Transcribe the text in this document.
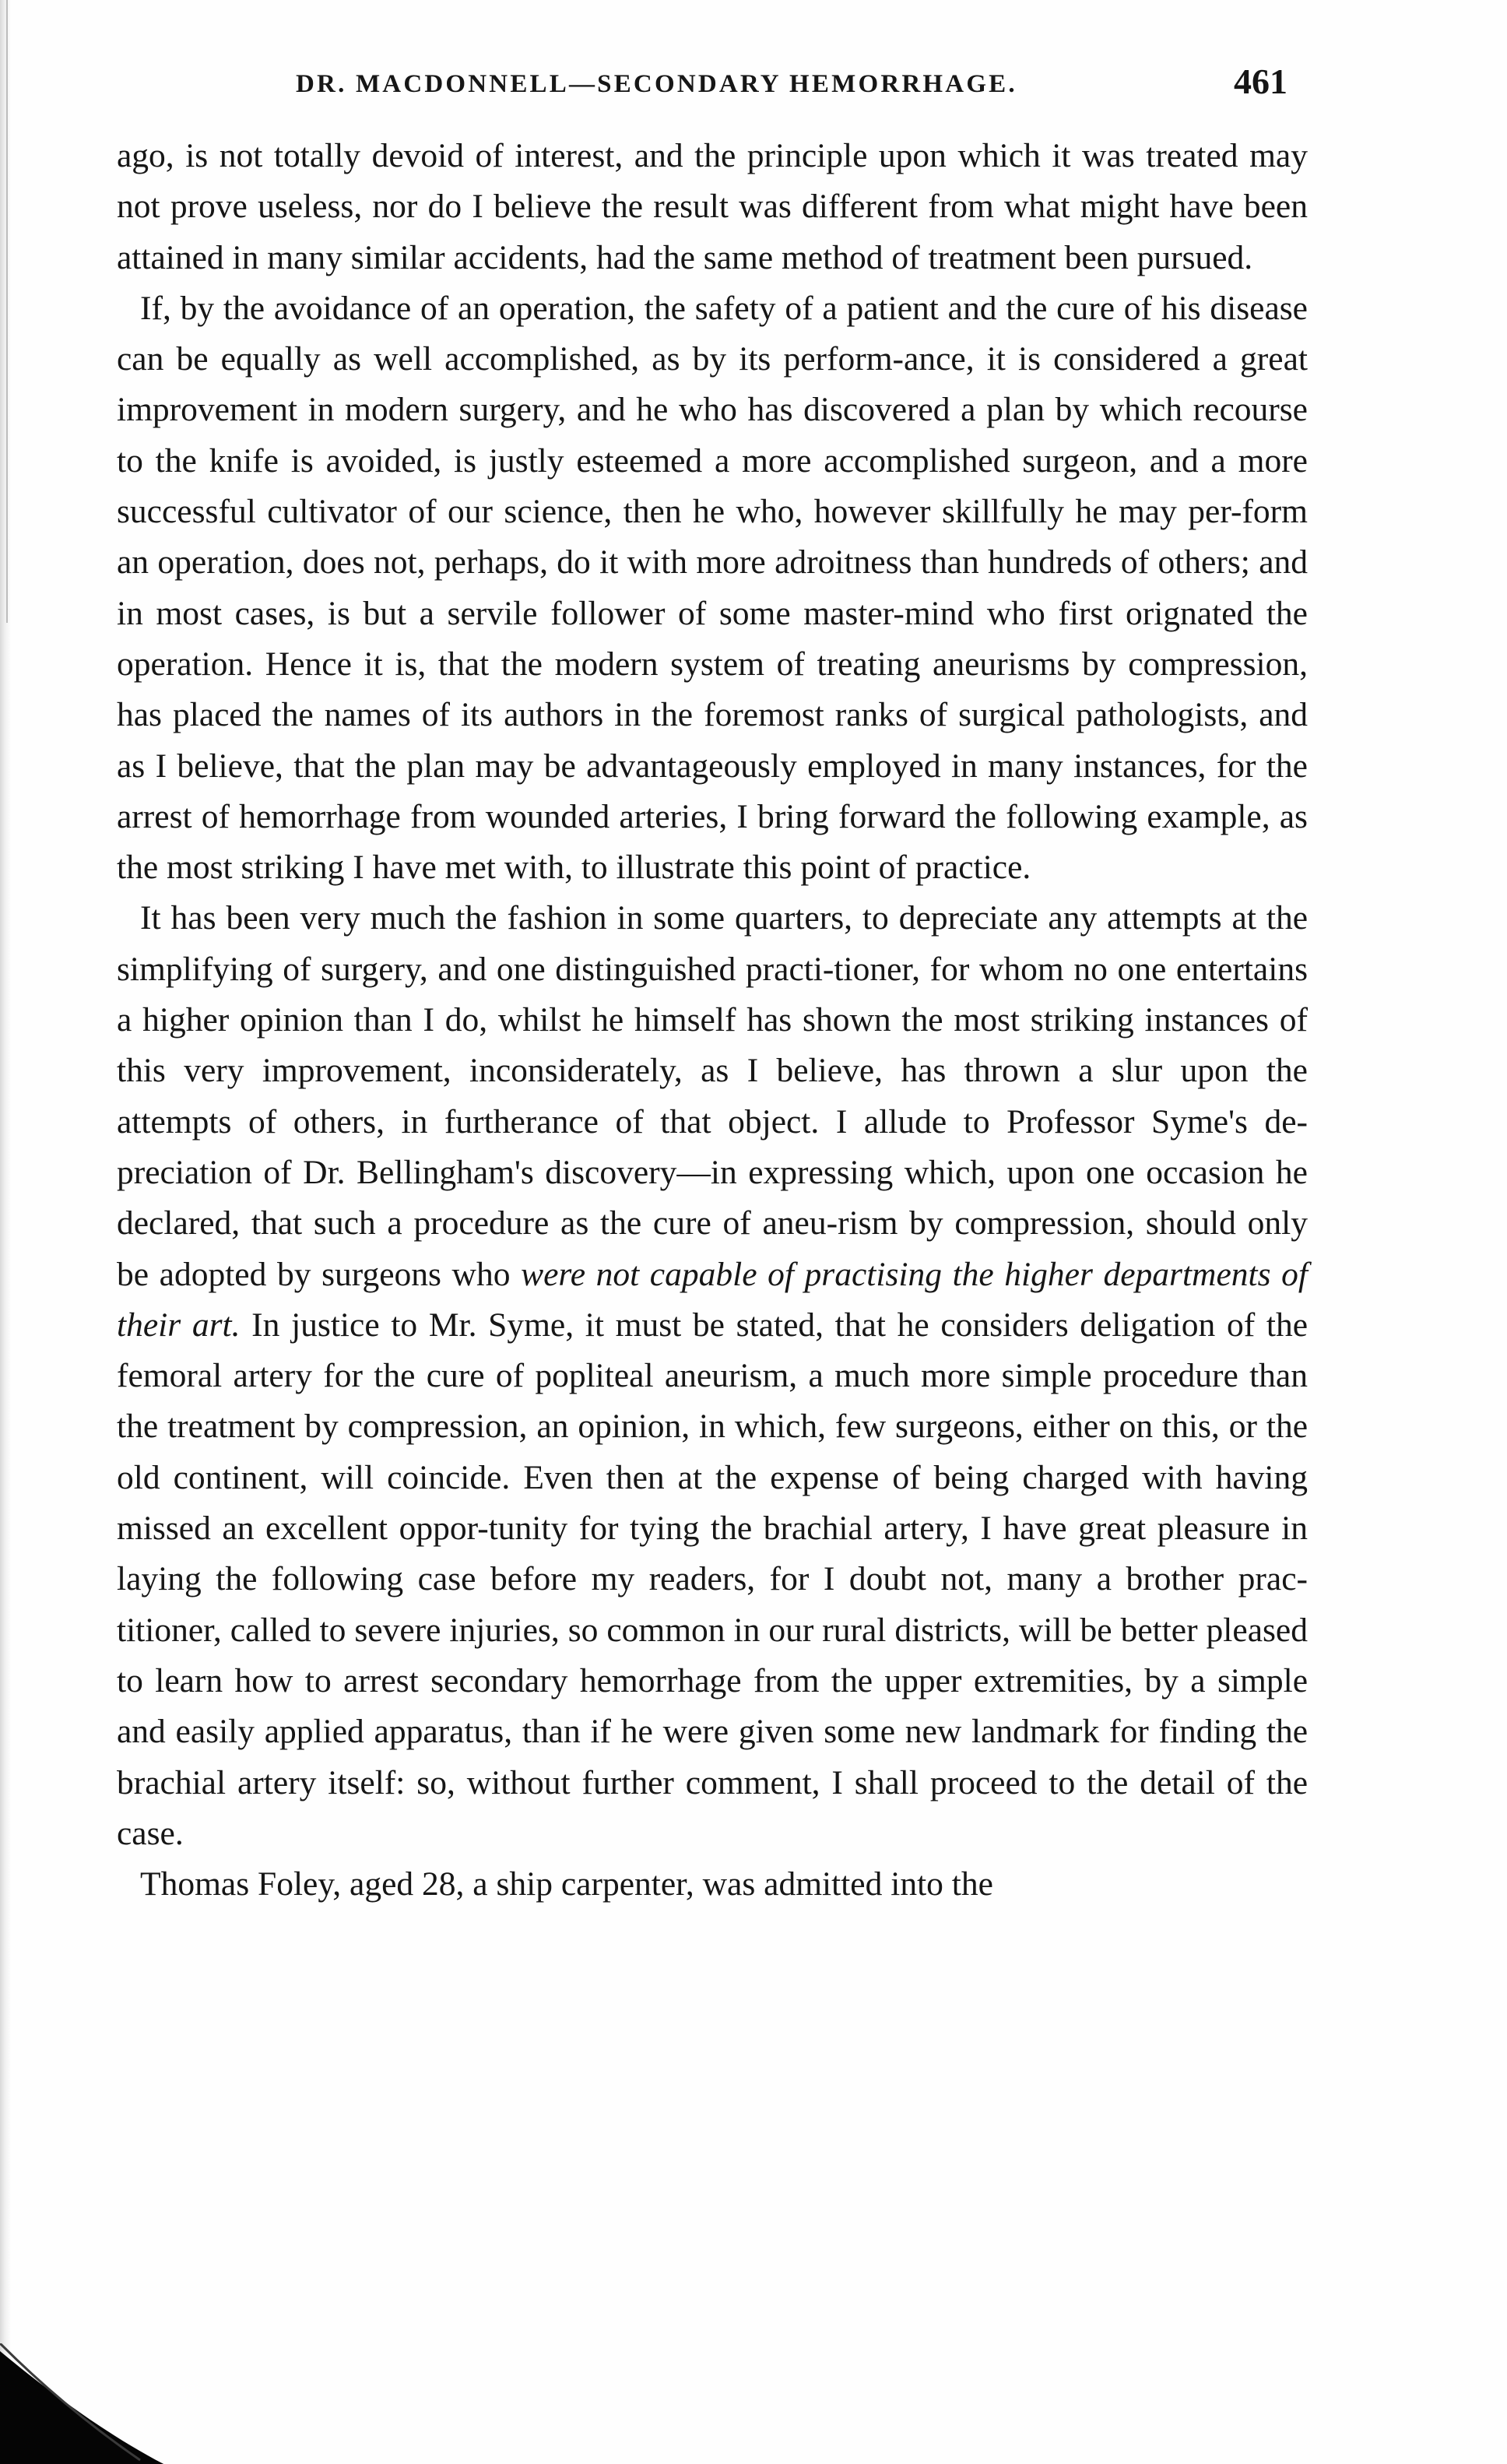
DR. MACDONNELL—SECONDARY HEMORRHAGE.	461

ago, is not totally devoid of interest, and the principle upon which it was treated may not prove useless, nor do I believe the result was different from what might have been attained in many similar accidents, had the same method of treatment been pursued.

If, by the avoidance of an operation, the safety of a patient and the cure of his disease can be equally as well accomplished, as by its perform-ance, it is considered a great improvement in modern surgery, and he who has discovered a plan by which recourse to the knife is avoided, is justly esteemed a more accomplished surgeon, and a more successful cultivator of our science, then he who, however skillfully he may per-form an operation, does not, perhaps, do it with more adroitness than hundreds of others; and in most cases, is but a servile follower of some master-mind who first orignated the operation. Hence it is, that the modern system of treating aneurisms by compression, has placed the names of its authors in the foremost ranks of surgical pathologists, and as I believe, that the plan may be advantageously employed in many instances, for the arrest of hemorrhage from wounded arteries, I bring forward the following example, as the most striking I have met with, to illustrate this point of practice.

It has been very much the fashion in some quarters, to depreciate any attempts at the simplifying of surgery, and one distinguished practi-tioner, for whom no one entertains a higher opinion than I do, whilst he himself has shown the most striking instances of this very improvement, inconsiderately, as I believe, has thrown a slur upon the attempts of others, in furtherance of that object. I allude to Professor Syme's de-preciation of Dr. Bellingham's discovery—in expressing which, upon one occasion he declared, that such a procedure as the cure of aneu-rism by compression, should only be adopted by surgeons who were not capable of practising the higher departments of their art. In justice to Mr. Syme, it must be stated, that he considers deligation of the femoral artery for the cure of popliteal aneurism, a much more simple procedure than the treatment by compression, an opinion, in which, few surgeons, either on this, or the old continent, will coincide. Even then at the expense of being charged with having missed an excellent oppor-tunity for tying the brachial artery, I have great pleasure in laying the following case before my readers, for I doubt not, many a brother prac-titioner, called to severe injuries, so common in our rural districts, will be better pleased to learn how to arrest secondary hemorrhage from the upper extremities, by a simple and easily applied apparatus, than if he were given some new landmark for finding the brachial artery itself: so, without further comment, I shall proceed to the detail of the case.

Thomas Foley, aged 28, a ship carpenter, was admitted into the
